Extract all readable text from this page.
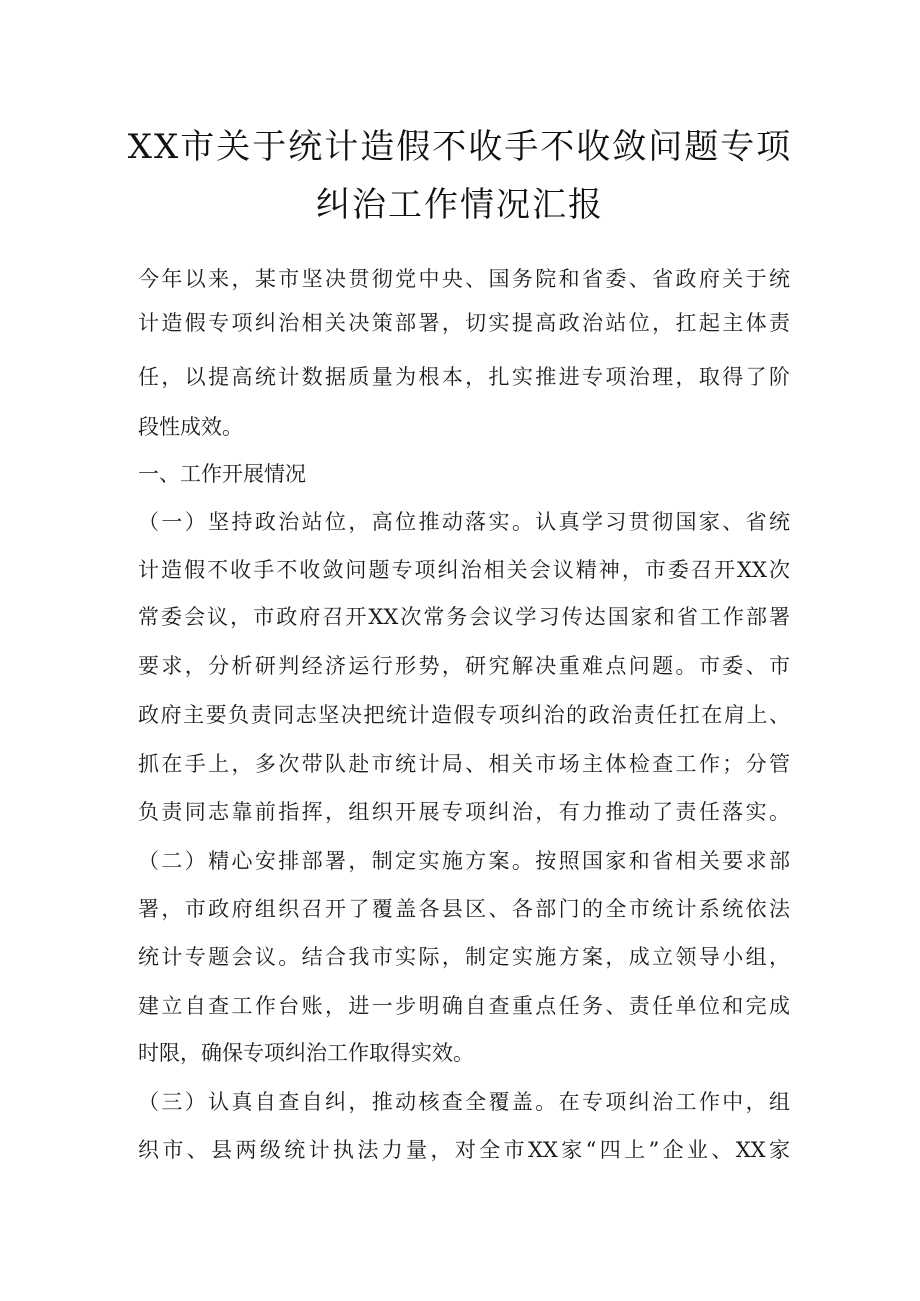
XX市关于统计造假不收手不收敛问题专项
纠治工作情况汇报
今年以来，某市坚决贯彻党中央、国务院和省委、省政府关于统
计造假专项纠治相关决策部署，切实提高政治站位，扛起主体责
任，以提高统计数据质量为根本，扎实推进专项治理，取得了阶
段性成效。
一、工作开展情况
（一）坚持政治站位，高位推动落实。认真学习贯彻国家、省统
计造假不收手不收敛问题专项纠治相关会议精神，市委召开XX次
常委会议，市政府召开XX次常务会议学习传达国家和省工作部署
要求，分析研判经济运行形势，研究解决重难点问题。市委、市
政府主要负责同志坚决把统计造假专项纠治的政治责任扛在肩上、
抓在手上，多次带队赴市统计局、相关市场主体检查工作；分管
负责同志靠前指挥，组织开展专项纠治，有力推动了责任落实。
（二）精心安排部署，制定实施方案。按照国家和省相关要求部
署，市政府组织召开了覆盖各县区、各部门的全市统计系统依法
统计专题会议。结合我市实际，制定实施方案，成立领导小组，
建立自查工作台账，进一步明确自查重点任务、责任单位和完成
时限，确保专项纠治工作取得实效。
（三）认真自查自纠，推动核查全覆盖。在专项纠治工作中，组
织市、县两级统计执法力量，对全市XX家“四上”企业、XX家
